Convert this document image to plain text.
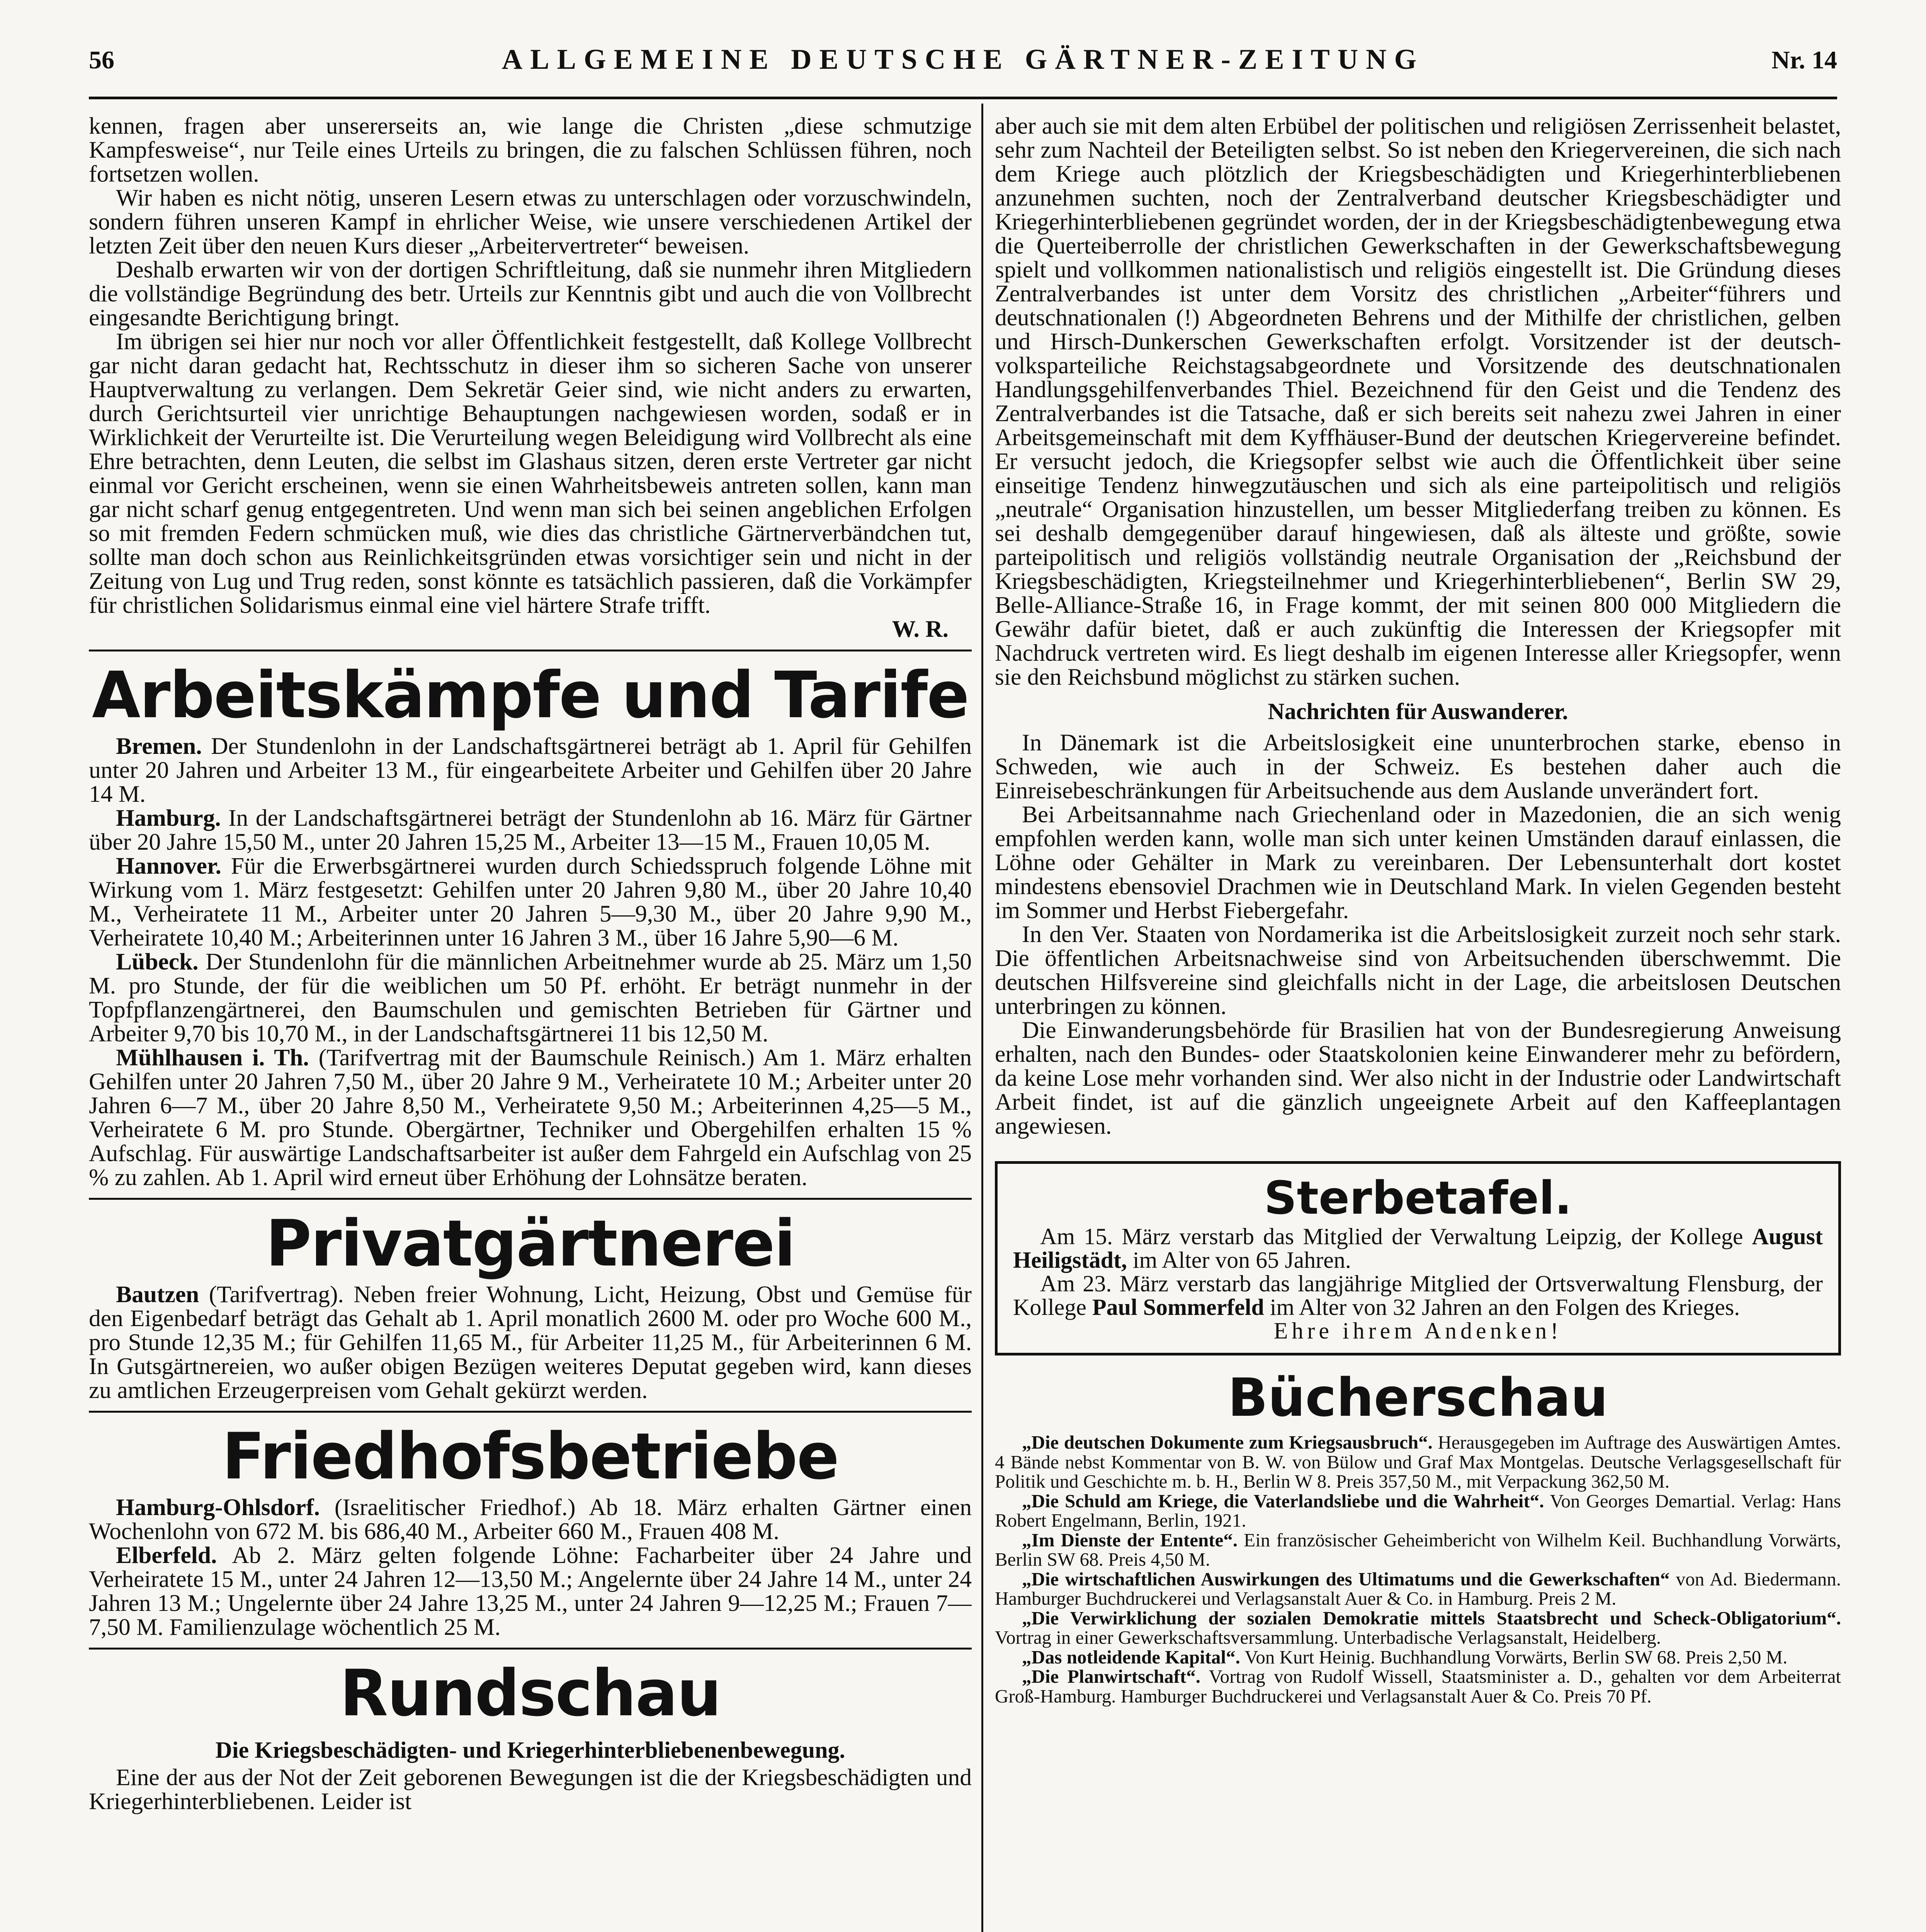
56	ALLGEMEINE DEUTSCHE GÄRTNER-ZEITUNG	Nr. 14

kennen, fragen aber unsererseits an, wie lange die Christen „diese schmutzige Kampfesweise“, nur Teile eines Urteils zu bringen, die zu falschen Schlüssen führen, noch fortsetzen wollen.

Wir haben es nicht nötig, unseren Lesern etwas zu unterschlagen oder vorzuschwindeln, sondern führen unseren Kampf in ehrlicher Weise, wie unsere verschiedenen Artikel der letzten Zeit über den neuen Kurs dieser „Arbeitervertreter“ beweisen.

Deshalb erwarten wir von der dortigen Schriftleitung, daß sie nunmehr ihren Mitgliedern die vollständige Begründung des betr. Urteils zur Kenntnis gibt und auch die von Vollbrecht eingesandte Berichtigung bringt.

Im übrigen sei hier nur noch vor aller Öffentlichkeit festgestellt, daß Kollege Vollbrecht gar nicht daran gedacht hat, Rechtsschutz in dieser ihm so sicheren Sache von unserer Hauptverwaltung zu verlangen. Dem Sekretär Geier sind, wie nicht anders zu erwarten, durch Gerichtsurteil vier unrichtige Behauptungen nachgewiesen worden, sodaß er in Wirklichkeit der Verurteilte ist. Die Verurteilung wegen Beleidigung wird Vollbrecht als eine Ehre betrachten, denn Leuten, die selbst im Glashaus sitzen, deren erste Vertreter gar nicht einmal vor Gericht erscheinen, wenn sie einen Wahrheitsbeweis antreten sollen, kann man gar nicht scharf genug entgegentreten. Und wenn man sich bei seinen angeblichen Erfolgen so mit fremden Federn schmücken muß, wie dies das christliche Gärtnerverbändchen tut, sollte man doch schon aus Reinlichkeitsgründen etwas vorsichtiger sein und nicht in der Zeitung von Lug und Trug reden, sonst könnte es tatsächlich passieren, daß die Vorkämpfer für christlichen Solidarismus einmal eine viel härtere Strafe trifft.

W. R.

Arbeitskämpfe und Tarife

Bremen. Der Stundenlohn in der Landschaftsgärtnerei beträgt ab 1. April für Gehilfen unter 20 Jahren und Arbeiter 13 M., für eingearbeitete Arbeiter und Gehilfen über 20 Jahre 14 M.

Hamburg. In der Landschaftsgärtnerei beträgt der Stundenlohn ab 16. März für Gärtner über 20 Jahre 15,50 M., unter 20 Jahren 15,25 M., Arbeiter 13—15 M., Frauen 10,05 M.

Hannover. Für die Erwerbsgärtnerei wurden durch Schiedsspruch folgende Löhne mit Wirkung vom 1. März festgesetzt: Gehilfen unter 20 Jahren 9,80 M., über 20 Jahre 10,40 M., Verheiratete 11 M., Arbeiter unter 20 Jahren 5—9,30 M., über 20 Jahre 9,90 M., Verheiratete 10,40 M.; Arbeiterinnen unter 16 Jahren 3 M., über 16 Jahre 5,90—6 M.

Lübeck. Der Stundenlohn für die männlichen Arbeitnehmer wurde ab 25. März um 1,50 M. pro Stunde, der für die weiblichen um 50 Pf. erhöht. Er beträgt nunmehr in der Topfpflanzengärtnerei, den Baumschulen und gemischten Betrieben für Gärtner und Arbeiter 9,70 bis 10,70 M., in der Landschaftsgärtnerei 11 bis 12,50 M.

Mühlhausen i. Th. (Tarifvertrag mit der Baumschule Reinisch.) Am 1. März erhalten Gehilfen unter 20 Jahren 7,50 M., über 20 Jahre 9 M., Verheiratete 10 M.; Arbeiter unter 20 Jahren 6—7 M., über 20 Jahre 8,50 M., Verheiratete 9,50 M.; Arbeiterinnen 4,25—5 M., Verheiratete 6 M. pro Stunde. Obergärtner, Techniker und Obergehilfen erhalten 15 % Aufschlag. Für auswärtige Landschaftsarbeiter ist außer dem Fahrgeld ein Aufschlag von 25 % zu zahlen. Ab 1. April wird erneut über Erhöhung der Lohnsätze beraten.

Privatgärtnerei

Bautzen (Tarifvertrag). Neben freier Wohnung, Licht, Heizung, Obst und Gemüse für den Eigenbedarf beträgt das Gehalt ab 1. April monatlich 2600 M. oder pro Woche 600 M., pro Stunde 12,35 M.; für Gehilfen 11,65 M., für Arbeiter 11,25 M., für Arbeiterinnen 6 M. In Gutsgärtnereien, wo außer obigen Bezügen weiteres Deputat gegeben wird, kann dieses zu amtlichen Erzeugerpreisen vom Gehalt gekürzt werden.

Friedhofsbetriebe

Hamburg-Ohlsdorf. (Israelitischer Friedhof.) Ab 18. März erhalten Gärtner einen Wochenlohn von 672 M. bis 686,40 M., Arbeiter 660 M., Frauen 408 M.

Elberfeld. Ab 2. März gelten folgende Löhne: Facharbeiter über 24 Jahre und Verheiratete 15 M., unter 24 Jahren 12—13,50 M.; Angelernte über 24 Jahre 14 M., unter 24 Jahren 13 M.; Ungelernte über 24 Jahre 13,25 M., unter 24 Jahren 9—12,25 M.; Frauen 7—7,50 M. Familienzulage wöchentlich 25 M.

Rundschau
Die Kriegsbeschädigten- und Kriegerhinterbliebenenbewegung.

Eine der aus der Not der Zeit geborenen Bewegungen ist die der Kriegsbeschädigten und Kriegerhinterbliebenen. Leider ist

aber auch sie mit dem alten Erbübel der politischen und religiösen Zerrissenheit belastet, sehr zum Nachteil der Beteiligten selbst. So ist neben den Kriegervereinen, die sich nach dem Kriege auch plötzlich der Kriegsbeschädigten und Kriegerhinterbliebenen anzunehmen suchten, noch der Zentralverband deutscher Kriegsbeschädigter und Kriegerhinterbliebenen gegründet worden, der in der Kriegsbeschädigtenbewegung etwa die Querteiberrolle der christlichen Gewerkschaften in der Gewerkschaftsbewegung spielt und vollkommen nationalistisch und religiös eingestellt ist. Die Gründung dieses Zentralverbandes ist unter dem Vorsitz des christlichen „Arbeiter“führers und deutschnationalen (!) Abgeordneten Behrens und der Mithilfe der christlichen, gelben und Hirsch-Dunkerschen Gewerkschaften erfolgt. Vorsitzender ist der deutsch-volksparteiliche Reichstagsabgeordnete und Vorsitzende des deutschnationalen Handlungsgehilfenverbandes Thiel. Bezeichnend für den Geist und die Tendenz des Zentralverbandes ist die Tatsache, daß er sich bereits seit nahezu zwei Jahren in einer Arbeitsgemeinschaft mit dem Kyffhäuser-Bund der deutschen Kriegervereine befindet. Er versucht jedoch, die Kriegsopfer selbst wie auch die Öffentlichkeit über seine einseitige Tendenz hinwegzutäuschen und sich als eine parteipolitisch und religiös „neutrale“ Organisation hinzustellen, um besser Mitgliederfang treiben zu können. Es sei deshalb demgegenüber darauf hingewiesen, daß als älteste und größte, sowie parteipolitisch und religiös vollständig neutrale Organisation der „Reichsbund der Kriegsbeschädigten, Kriegsteilnehmer und Kriegerhinterbliebenen“, Berlin SW 29, Belle-Alliance-Straße 16, in Frage kommt, der mit seinen 800 000 Mitgliedern die Gewähr dafür bietet, daß er auch zukünftig die Interessen der Kriegsopfer mit Nachdruck vertreten wird. Es liegt deshalb im eigenen Interesse aller Kriegsopfer, wenn sie den Reichsbund möglichst zu stärken suchen.

Nachrichten für Auswanderer.

In Dänemark ist die Arbeitslosigkeit eine ununterbrochen starke, ebenso in Schweden, wie auch in der Schweiz. Es bestehen daher auch die Einreisebeschränkungen für Arbeitsuchende aus dem Auslande unverändert fort.

Bei Arbeitsannahme nach Griechenland oder in Mazedonien, die an sich wenig empfohlen werden kann, wolle man sich unter keinen Umständen darauf einlassen, die Löhne oder Gehälter in Mark zu vereinbaren. Der Lebensunterhalt dort kostet mindestens ebensoviel Drachmen wie in Deutschland Mark. In vielen Gegenden besteht im Sommer und Herbst Fiebergefahr.

In den Ver. Staaten von Nordamerika ist die Arbeitslosigkeit zurzeit noch sehr stark. Die öffentlichen Arbeitsnachweise sind von Arbeitsuchenden überschwemmt. Die deutschen Hilfsvereine sind gleichfalls nicht in der Lage, die arbeitslosen Deutschen unterbringen zu können.

Die Einwanderungsbehörde für Brasilien hat von der Bundesregierung Anweisung erhalten, nach den Bundes- oder Staatskolonien keine Einwanderer mehr zu befördern, da keine Lose mehr vorhanden sind. Wer also nicht in der Industrie oder Landwirtschaft Arbeit findet, ist auf die gänzlich ungeeignete Arbeit auf den Kaffeeplantagen angewiesen.

Sterbetafel.

Am 15. März verstarb das Mitglied der Verwaltung Leipzig, der Kollege August Heiligstädt, im Alter von 65 Jahren.

Am 23. März verstarb das langjährige Mitglied der Ortsverwaltung Flensburg, der Kollege Paul Sommerfeld im Alter von 32 Jahren an den Folgen des Krieges.

Ehre ihrem Andenken!

Bücherschau

„Die deutschen Dokumente zum Kriegsausbruch“. Herausgegeben im Auftrage des Auswärtigen Amtes. 4 Bände nebst Kommentar von B. W. von Bülow und Graf Max Montgelas. Deutsche Verlagsgesellschaft für Politik und Geschichte m. b. H., Berlin W 8. Preis 357,50 M., mit Verpackung 362,50 M.

„Die Schuld am Kriege, die Vaterlandsliebe und die Wahrheit“. Von Georges Demartial. Verlag: Hans Robert Engelmann, Berlin, 1921.

„Im Dienste der Entente“. Ein französischer Geheimbericht von Wilhelm Keil. Buchhandlung Vorwärts, Berlin SW 68. Preis 4,50 M.

„Die wirtschaftlichen Auswirkungen des Ultimatums und die Gewerkschaften“ von Ad. Biedermann. Hamburger Buchdruckerei und Verlagsanstalt Auer & Co. in Hamburg. Preis 2 M.

„Die Verwirklichung der sozialen Demokratie mittels Staatsbrecht und Scheck-Obligatorium“. Vortrag in einer Gewerkschaftsversammlung. Unterbadische Verlagsanstalt, Heidelberg.

„Das notleidende Kapital“. Von Kurt Heinig. Buchhandlung Vorwärts, Berlin SW 68. Preis 2,50 M.

„Die Planwirtschaft“. Vortrag von Rudolf Wissell, Staatsminister a. D., gehalten vor dem Arbeiterrat Groß-Hamburg. Hamburger Buchdruckerei und Verlagsanstalt Auer & Co. Preis 70 Pf.
